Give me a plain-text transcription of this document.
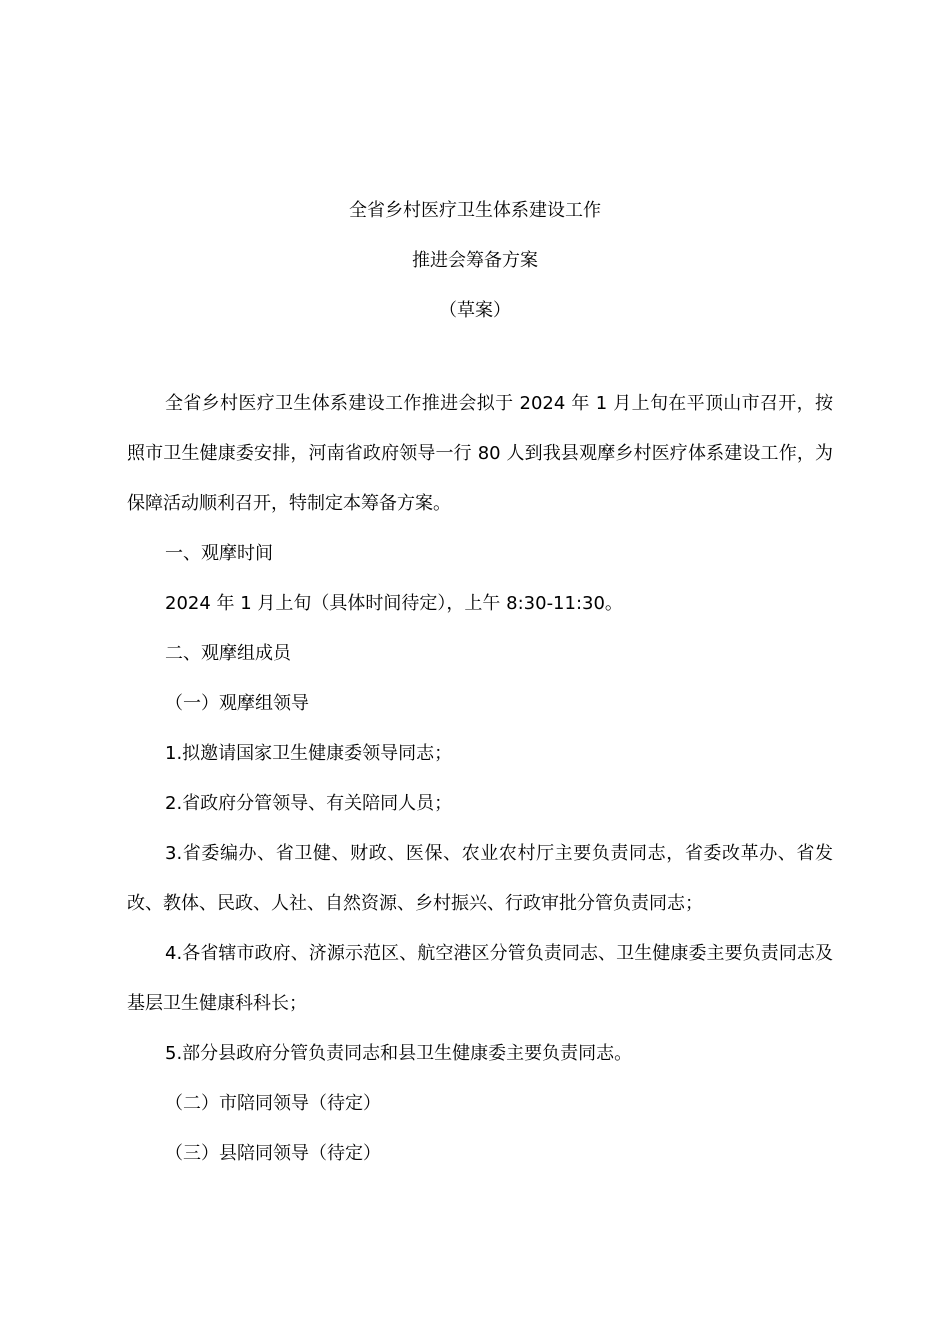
全省乡村医疗卫生体系建设工作
推进会筹备方案
（草案）

全省乡村医疗卫生体系建设工作推进会拟于 2024 年 1 月上旬在平顶山市召开，按照市卫生健康委安排，河南省政府领导一行 80 人到我县观摩乡村医疗体系建设工作，为保障活动顺利召开，特制定本筹备方案。

一、观摩时间

2024 年 1 月上旬（具体时间待定），上午 8:30-11:30。

二、观摩组成员

（一）观摩组领导

1.拟邀请国家卫生健康委领导同志；

2.省政府分管领导、有关陪同人员；

3.省委编办、省卫健、财政、医保、农业农村厅主要负责同志，省委改革办、省发改、教体、民政、人社、自然资源、乡村振兴、行政审批分管负责同志；

4.各省辖市政府、济源示范区、航空港区分管负责同志、卫生健康委主要负责同志及基层卫生健康科科长；

5.部分县政府分管负责同志和县卫生健康委主要负责同志。

（二）市陪同领导（待定）

（三）县陪同领导（待定）
